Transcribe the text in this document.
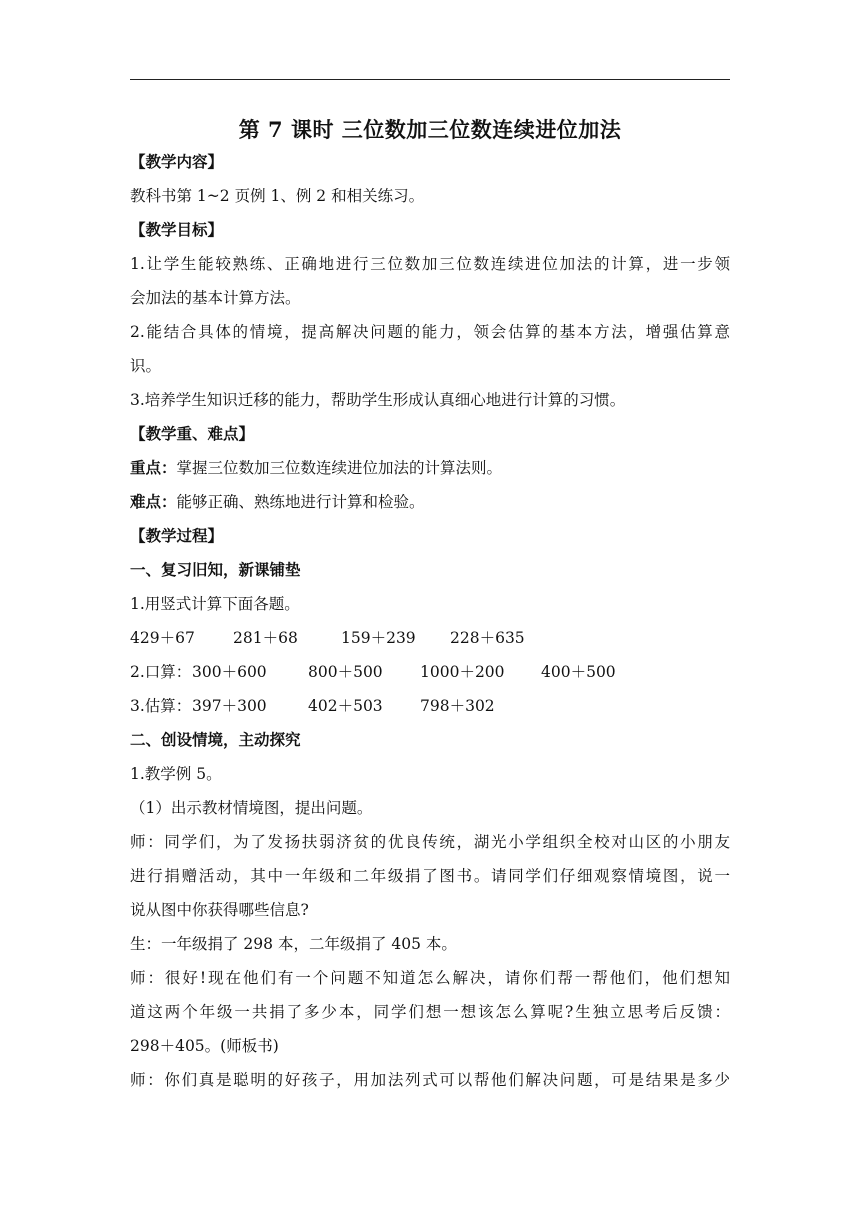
第 7 课时 三位数加三位数连续进位加法
【教学内容】
教科书第 1~2 页例 1、例 2 和相关练习。
【教学目标】
1.让学生能较熟练、正确地进行三位数加三位数连续进位加法的计算，进一步领
会加法的基本计算方法。
2.能结合具体的情境，提高解决问题的能力，领会估算的基本方法，增强估算意
识。
3.培养学生知识迁移的能力，帮助学生形成认真细心地进行计算的习惯。
【教学重、难点】
重点：掌握三位数加三位数连续进位加法的计算法则。
难点：能够正确、熟练地进行计算和检验。
【教学过程】
一、复习旧知，新课铺垫
1.用竖式计算下面各题。
429＋67 281＋68	159＋239 228＋635
2.口算： 300＋600	800＋500 1000＋200 400＋500
3.估算： 397＋300	402＋503 798＋302
二、创设情境，主动探究
1.教学例 5。
（1）出示教材情境图，提出问题。
师：同学们，为了发扬扶弱济贫的优良传统，湖光小学组织全校对山区的小朋友
进行捐赠活动，其中一年级和二年级捐了图书。请同学们仔细观察情境图，说一
说从图中你获得哪些信息?
生：一年级捐了 298 本，二年级捐了 405 本。
师：很好!现在他们有一个问题不知道怎么解决，请你们帮一帮他们，他们想知
道这两个年级一共捐了多少本，同学们想一想该怎么算呢?生独立思考后反馈：
298＋405。(师板书)
师：你们真是聪明的好孩子，用加法列式可以帮他们解决问题，可是结果是多少
